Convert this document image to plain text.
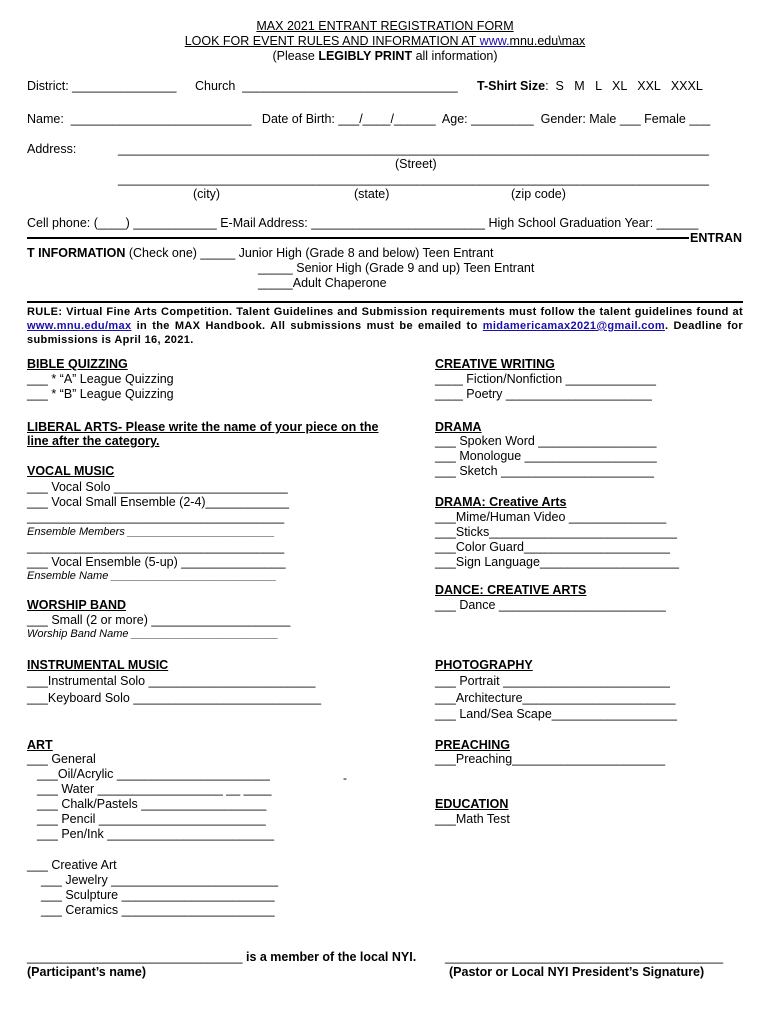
MAX 2021 ENTRANT REGISTRATION FORM
LOOK FOR EVENT RULES AND INFORMATION AT www.mnu.edu\max
(Please LEGIBLY PRINT all information)
District: _______________ Church  _______________________________ T-Shirt Size:  S   M   L   XL   XXL   XXXL
Name:  __________________________   Date of Birth: ___/____/______  Age: _________  Gender: Male ___ Female ___
Address:	_____________________________________________________________________________________
(Street)
_____________________________________________________________________________________
(city)	(state)	(zip code)
Cell phone: (____) ____________ E-Mail Address: _________________________ High School Graduation Year: ______
ENTRAN
T INFORMATION (Check one) _____ Junior High (Grade 8 and below) Teen Entrant
_____ Senior High (Grade 9 and up) Teen Entrant
_____Adult Chaperone
RULE: Virtual Fine Arts Competition. Talent Guidelines and Submission requirements must follow the talent guidelines found at
www.mnu.edu/max in the MAX Handbook. All submissions must be emailed to midamericamax2021@gmail.com. Deadline for
submissions is April 16, 2021.
BIBLE QUIZZING
___ * “A” League Quizzing
___ * “B” League Quizzing
LIBERAL ARTS- Please write the name of your piece on the
line after the category.
VOCAL MUSIC
___ Vocal Solo _________________________
___ Vocal Small Ensemble (2-4)____________
_____________________________________
Ensemble Members ________________________
_____________________________________
___ Vocal Ensemble (5-up) _______________
Ensemble Name ___________________________
WORSHIP BAND
___ Small (2 or more) ____________________
Worship Band Name ________________________
INSTRUMENTAL MUSIC
___Instrumental Solo ________________________
___Keyboard Solo ___________________________
ART
___ General
___Oil/Acrylic ______________________
___ Water __________________ __ ____
___ Chalk/Pastels __________________
___ Pencil ________________________
___ Pen/Ink ________________________
___ Creative Art
___ Jewelry ________________________
___ Sculpture ______________________
___ Ceramics ______________________
CREATIVE WRITING
____ Fiction/Nonfiction _____________
____ Poetry _____________________
DRAMA
___ Spoken Word _________________
___ Monologue ___________________
___ Sketch ______________________
DRAMA: Creative Arts
___Mime/Human Video ______________
___Sticks___________________________
___Color Guard_____________________
___Sign Language____________________
DANCE: CREATIVE ARTS
___ Dance ________________________
PHOTOGRAPHY
___ Portrait ________________________
___Architecture______________________
___ Land/Sea Scape__________________
PREACHING
___Preaching______________________
EDUCATION
___Math Test
-
_______________________________ is a member of the local NYI. ________________________________________
(Participant’s name)	(Pastor or Local NYI President’s Signature)
